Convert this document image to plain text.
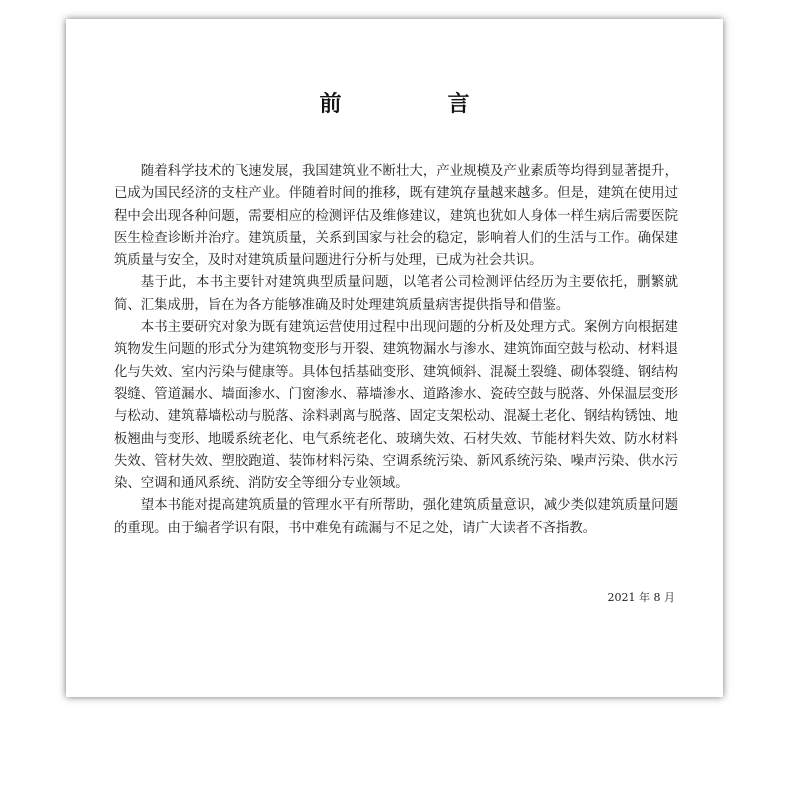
前　言

随着科学技术的飞速发展，我国建筑业不断壮大，产业规模及产业素质等均得到显著提升，已成为国民经济的支柱产业。伴随着时间的推移，既有建筑存量越来越多。但是，建筑在使用过程中会出现各种问题，需要相应的检测评估及维修建议，建筑也犹如人身体一样生病后需要医院医生检查诊断并治疗。建筑质量，关系到国家与社会的稳定，影响着人们的生活与工作。确保建筑质量与安全，及时对建筑质量问题进行分析与处理，已成为社会共识。

基于此，本书主要针对建筑典型质量问题，以笔者公司检测评估经历为主要依托，删繁就简、汇集成册，旨在为各方能够准确及时处理建筑质量病害提供指导和借鉴。

本书主要研究对象为既有建筑运营使用过程中出现问题的分析及处理方式。案例方向根据建筑物发生问题的形式分为建筑物变形与开裂、建筑物漏水与渗水、建筑饰面空鼓与松动、材料退化与失效、室内污染与健康等。具体包括基础变形、建筑倾斜、混凝土裂缝、砌体裂缝、钢结构裂缝、管道漏水、墙面渗水、门窗渗水、幕墙渗水、道路渗水、瓷砖空鼓与脱落、外保温层变形与松动、建筑幕墙松动与脱落、涂料剥离与脱落、固定支架松动、混凝土老化、钢结构锈蚀、地板翘曲与变形、地暖系统老化、电气系统老化、玻璃失效、石材失效、节能材料失效、防水材料失效、管材失效、塑胶跑道、装饰材料污染、空调系统污染、新风系统污染、噪声污染、供水污染、空调和通风系统、消防安全等细分专业领域。

望本书能对提高建筑质量的管理水平有所帮助，强化建筑质量意识，减少类似建筑质量问题的重现。由于编者学识有限，书中难免有疏漏与不足之处，请广大读者不吝指教。

2021 年 8 月
